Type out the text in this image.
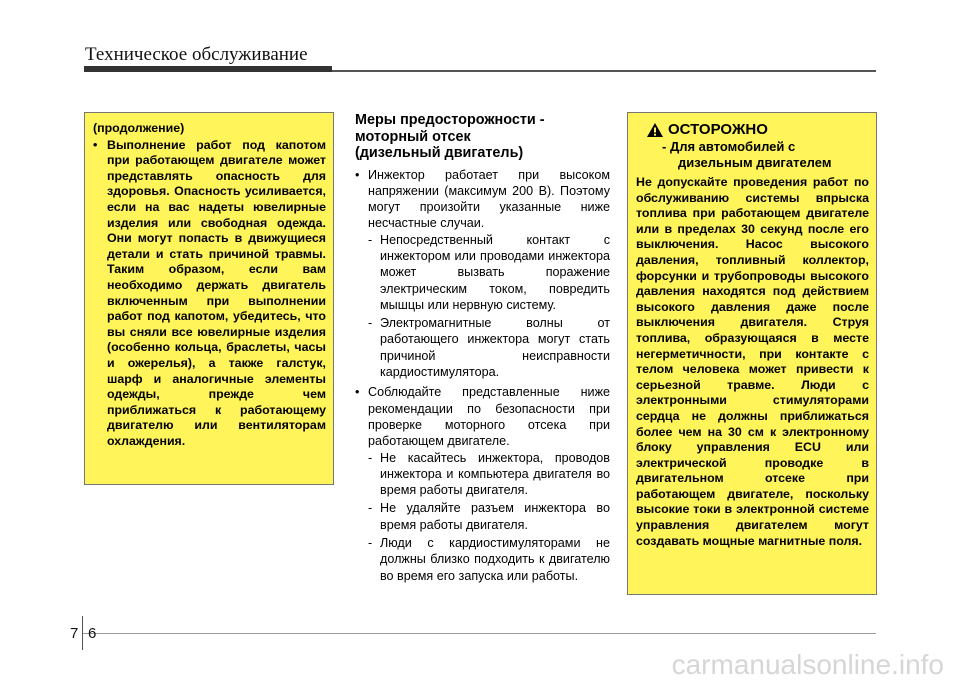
Техническое обслуживание
(продолжение)
• Выполнение работ под капотом при работающем двигателе может представлять опасность для здоровья. Опасность усиливается, если на вас надеты ювелирные изделия или свободная одежда. Они могут попасть в движущиеся детали и стать причиной травмы. Таким образом, если вам необходимо держать двигатель включенным при выполнении работ под капотом, убедитесь, что вы сняли все ювелирные изделия (особенно кольца, браслеты, часы и ожерелья), а также галстук, шарф и аналогичные элементы одежды, прежде чем приближаться к работающему двигателю или вентиляторам охлаждения.
Меры предосторожности -
моторный отсек
(дизельный двигатель)
• Инжектор работает при высоком напряжении (максимум 200 В). Поэтому могут произойти указанные ниже несчастные случаи.
- Непосредственный контакт с инжектором или проводами инжектора может вызвать поражение электрическим током, повредить мышцы или нервную систему.
- Электромагнитные волны от работающего инжектора могут стать причиной неисправности кардиостимулятора.
• Соблюдайте представленные ниже рекомендации по безопасности при проверке моторного отсека при работающем двигателе.
- Не касайтесь инжектора, проводов инжектора и компьютера двигателя во время работы двигателя.
- Не удаляйте разъем инжектора во время работы двигателя.
- Люди с кардиостимуляторами не должны близко подходить к двигателю во время его запуска или работы.
ОСТОРОЖНО
- Для автомобилей с
дизельным двигателем
Не допускайте проведения работ по обслуживанию системы впрыска топлива при работающем двигателе или в пределах 30 секунд после его выключения. Насос высокого давления, топливный коллектор, форсунки и трубопроводы высокого давления находятся под действием высокого давления даже после выключения двигателя. Струя топлива, образующаяся в месте негерметичности, при контакте с телом человека может привести к серьезной травме. Люди с электронными стимуляторами сердца не должны приближаться более чем на 30 см к электронному блоку управления ECU или электрической проводке в двигательном отсеке при работающем двигателе, поскольку высокие токи в электронной системе управления двигателем могут создавать мощные магнитные поля.
7 6
carmanualsonline.info
